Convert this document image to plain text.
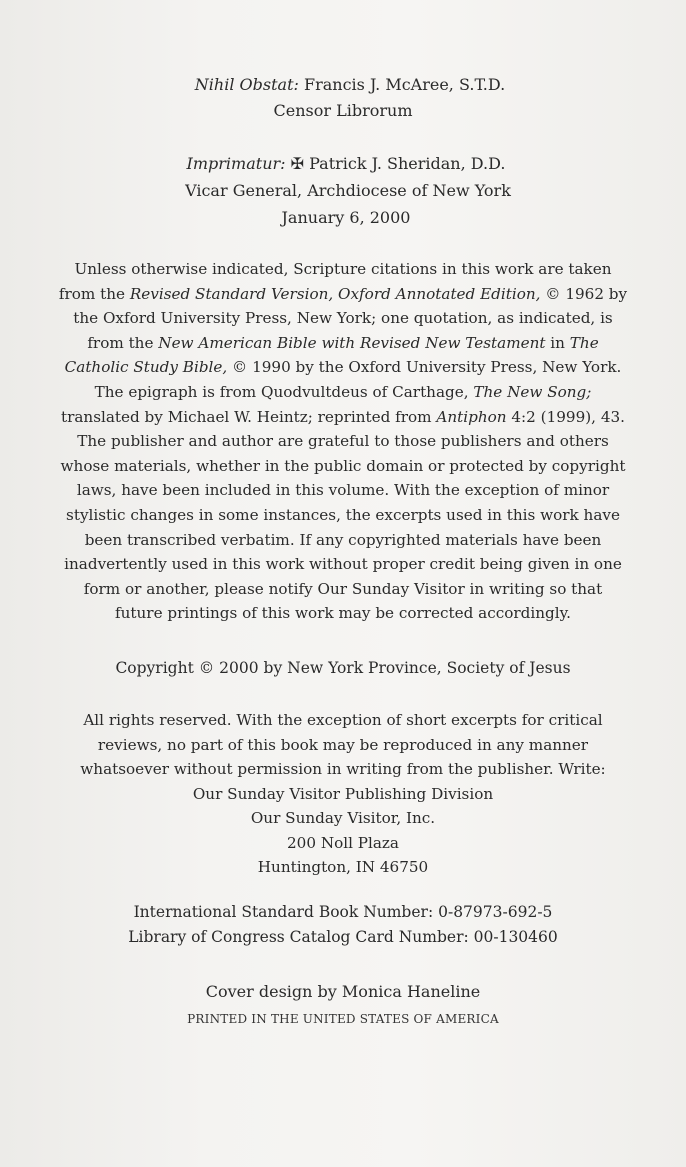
Nihil Obstat: Francis J. McAree, S.T.D.
Censor Librorum
Imprimatur: ✠ Patrick J. Sheridan, D.D.
Vicar General, Archdiocese of New York
January 6, 2000
Unless otherwise indicated, Scripture citations in this work are taken
from the Revised Standard Version, Oxford Annotated Edition, © 1962 by
the Oxford University Press, New York; one quotation, as indicated, is
from the New American Bible with Revised New Testament in The
Catholic Study Bible, © 1990 by the Oxford University Press, New York.
The epigraph is from Quodvultdeus of Carthage, The New Song;
translated by Michael W. Heintz; reprinted from Antiphon 4:2 (1999), 43.
The publisher and author are grateful to those publishers and others
whose materials, whether in the public domain or protected by copyright
laws, have been included in this volume. With the exception of minor
stylistic changes in some instances, the excerpts used in this work have
been transcribed verbatim. If any copyrighted materials have been
inadvertently used in this work without proper credit being given in one
form or another, please notify Our Sunday Visitor in writing so that
future printings of this work may be corrected accordingly.
Copyright © 2000 by New York Province, Society of Jesus
All rights reserved. With the exception of short excerpts for critical
reviews, no part of this book may be reproduced in any manner
whatsoever without permission in writing from the publisher. Write:
Our Sunday Visitor Publishing Division
Our Sunday Visitor, Inc.
200 Noll Plaza
Huntington, IN 46750
International Standard Book Number: 0-87973-692-5
Library of Congress Catalog Card Number: 00-130460
Cover design by Monica Haneline
PRINTED IN THE UNITED STATES OF AMERICA
